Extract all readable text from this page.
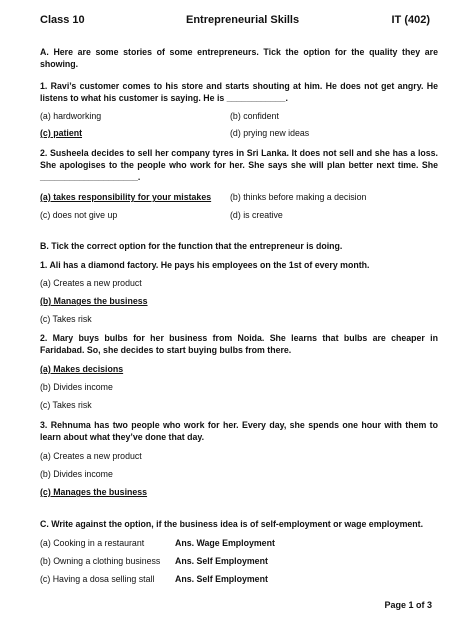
Class 10	Entrepreneurial Skills	IT (402)
A. Here are some stories of some entrepreneurs. Tick the option for the quality they are showing.
1. Ravi’s customer comes to his store and starts shouting at him. He does not get angry. He listens to what his customer is saying. He is ____________.
(a) hardworking	(b) confident
(c) patient	(d) prying new ideas
2. Susheela decides to sell her company tyres in Sri Lanka. It does not sell and she has a loss. She apologises to the people who work for her. She says she will plan better next time. She ____________________.
(a) takes responsibility for your mistakes (b) thinks before making a decision
(c) does not give up	(d) is creative
B. Tick the correct option for the function that the entrepreneur is doing.
1. Ali has a diamond factory. He pays his employees on the 1st of every month.
(a) Creates a new product
(b) Manages the business
(c) Takes risk
2. Mary buys bulbs for her business from Noida. She learns that bulbs are cheaper in Faridabad. So, she decides to start buying bulbs from there.
(a) Makes decisions
(b) Divides income
(c) Takes risk
3. Rehnuma has two people who work for her. Every day, she spends one hour with them to learn about what they’ve done that day.
(a) Creates a new product
(b) Divides income
(c) Manages the business
C. Write against the option, if the business idea is of self-employment or wage employment.
(a) Cooking in a restaurant	Ans. Wage Employment
(b) Owning a clothing business Ans. Self Employment
(c) Having a dosa selling stall Ans. Self Employment
Page 1 of 3
